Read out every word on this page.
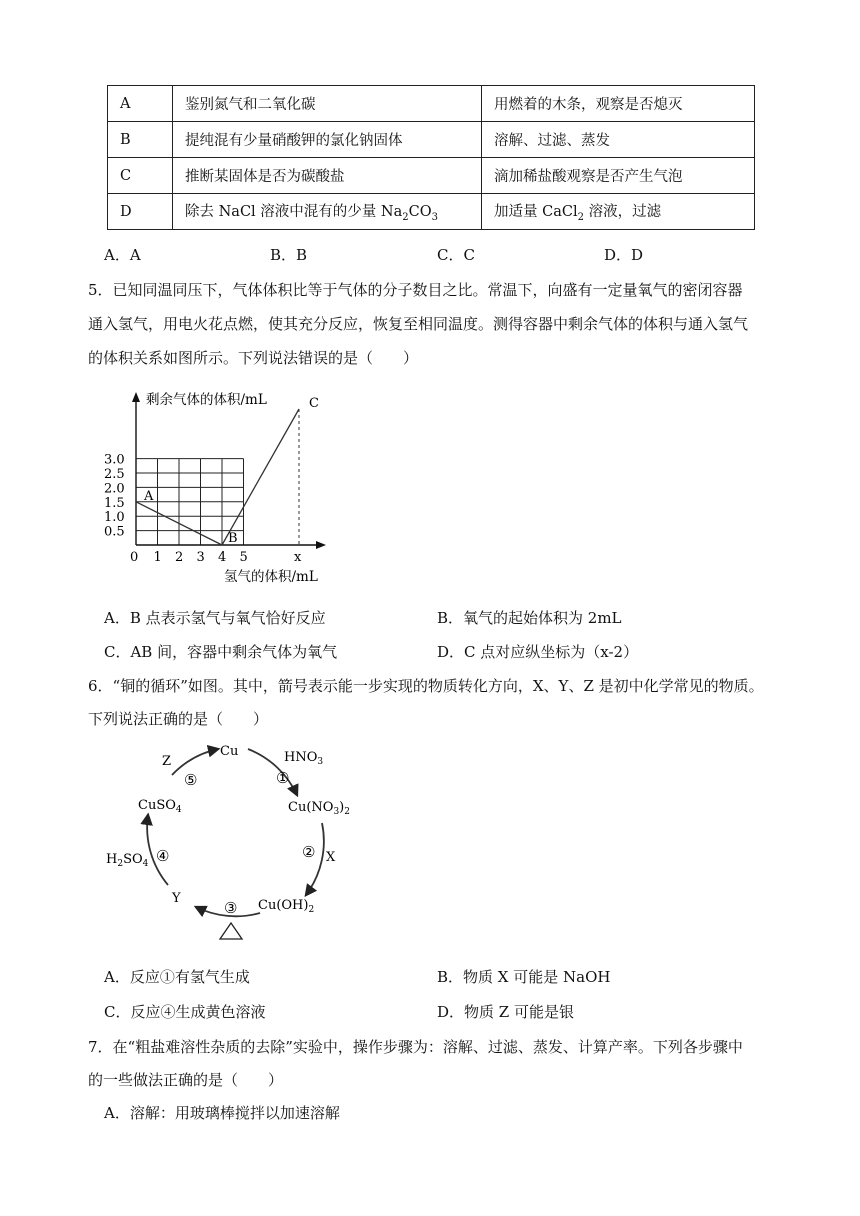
A	鉴别氮气和二氧化碳	用燃着的木条，观察是否熄灭
B	提纯混有少量硝酸钾的氯化钠固体	溶解、过滤、蒸发
C	推断某固体是否为碳酸盐	滴加稀盐酸观察是否产生气泡
D	除去 NaCl 溶液中混有的少量 $Na_2CO_3$	加适量 CaCl$_2$ 溶液，过滤
A．A	B．B	C．C	D．D
5．已知同温同压下，气体体积比等于气体的分子数目之比。常温下，向盛有一定量氧气的密闭容器
通入氢气，用电火花点燃，使其充分反应，恢复至相同温度。测得容器中剩余气体的体积与通入氢气
的体积关系如图所示。下列说法错误的是（　　）
3.0
2.5
2.0
1.5
1.0
0.5
0 1 2 3 4 5	x
A
B
C
剩余气体的体积/mL
氢气的体积/mL
A．B 点表示氢气与氧气恰好反应	B．氧气的起始体积为 2mL
C．AB 间，容器中剩余气体为氧气	D．C 点对应纵坐标为（x-2）
6．“铜的循环”如图。其中，箭号表示能一步实现的物质转化方向，X、Y、Z 是初中化学常见的物质。
下列说法正确的是（　　）
Cu	$HNO_3$
①
$Cu(NO_3)_2$
② X
$Cu(OH)_2$
③
Y
$H_2SO_4$ ④
CuSO$_4$
⑤
Z
A．反应①有氢气生成	B．物质 X 可能是 NaOH
C．反应④生成黄色溶液	D．物质 Z 可能是银
7．在“粗盐难溶性杂质的去除”实验中，操作步骤为：溶解、过滤、蒸发、计算产率。下列各步骤中
的一些做法正确的是（　　）
A．溶解：用玻璃棒搅拌以加速溶解
